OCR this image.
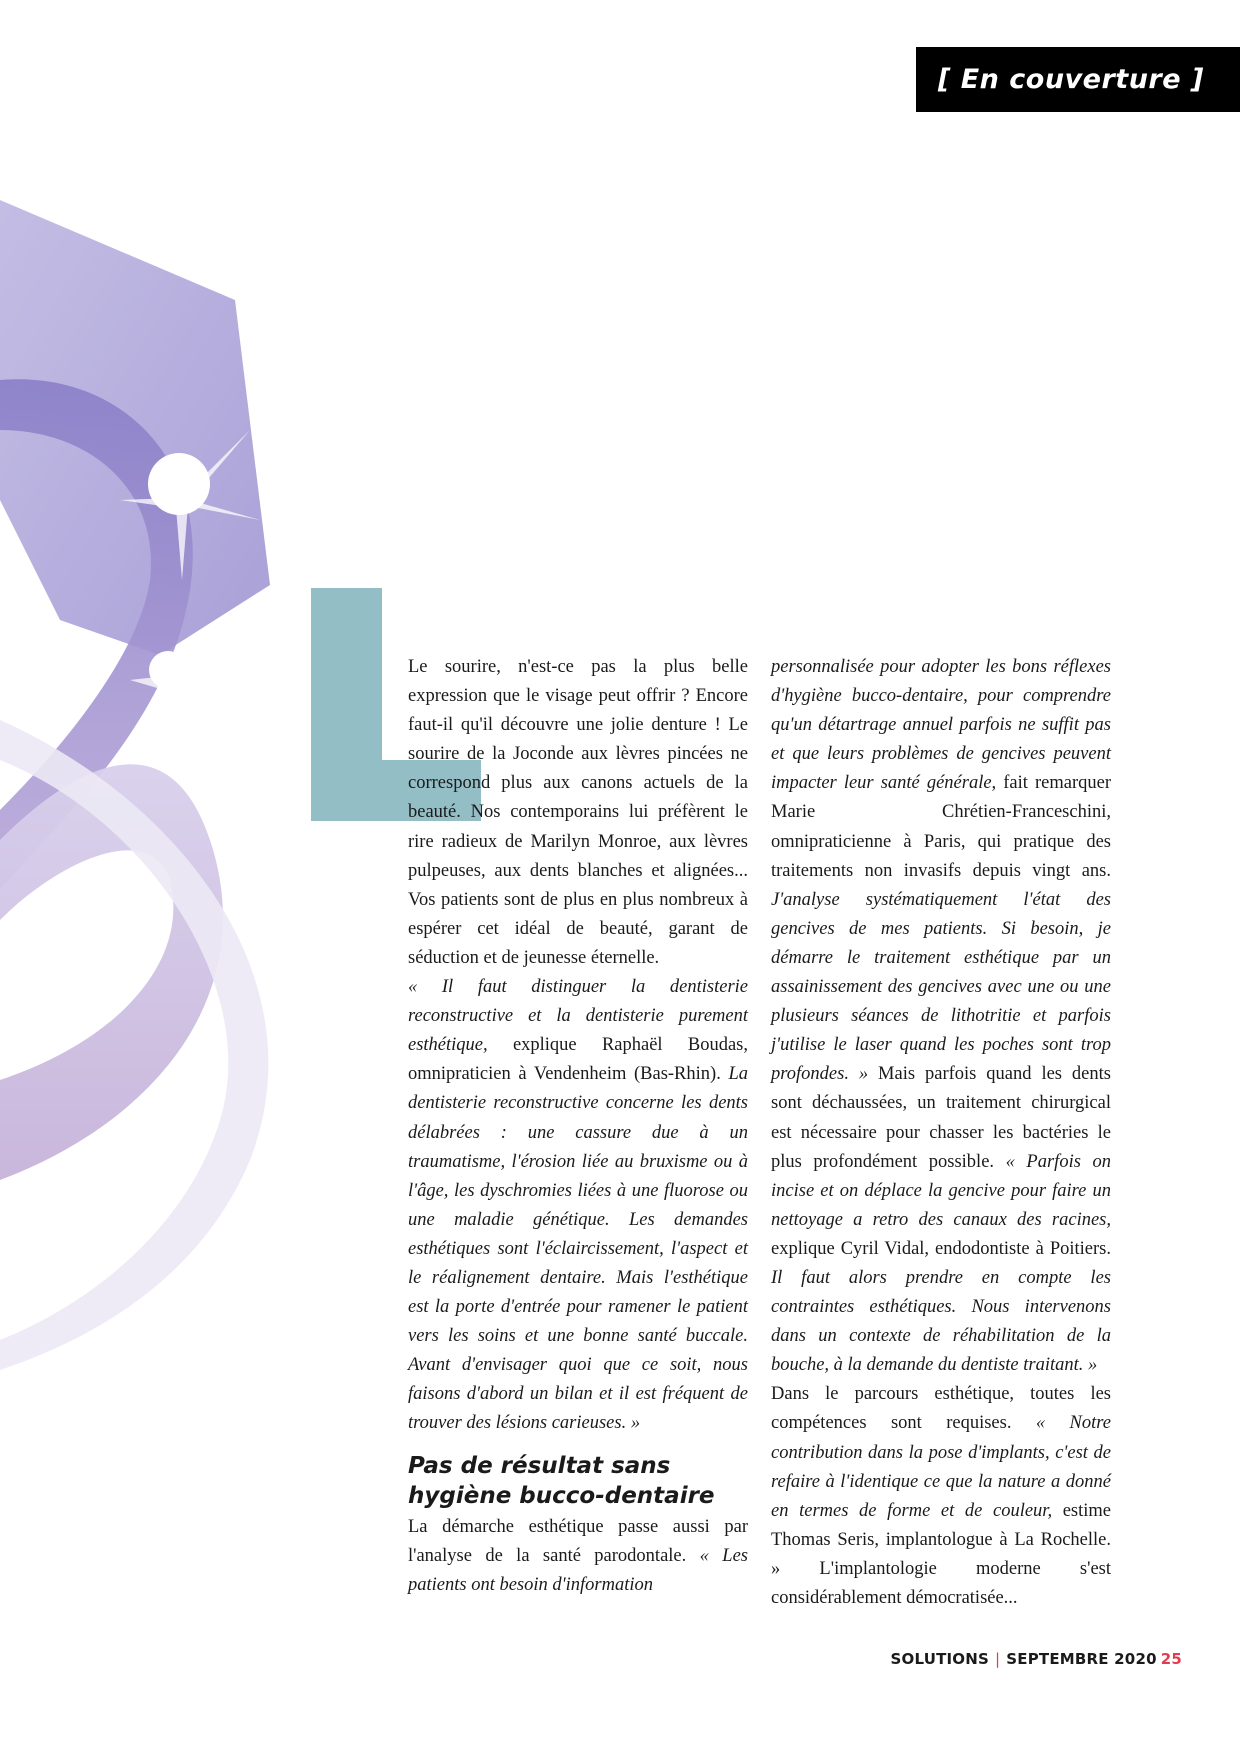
[ En couverture ]

Le sourire, n'est-ce pas la plus belle expression que le visage peut offrir ? Encore faut-il qu'il découvre une jolie denture ! Le sourire de la Joconde aux lèvres pincées ne correspond plus aux canons actuels de la beauté. Nos contemporains lui préfèrent le rire radieux de Marilyn Monroe, aux lèvres pulpeuses, aux dents blanches et alignées... Vos patients sont de plus en plus nombreux à espérer cet idéal de beauté, garant de séduction et de jeunesse éternelle.

« Il faut distinguer la dentisterie reconstructive et la dentisterie purement esthétique, explique Raphaël Boudas, omnipraticien à Vendenheim (Bas-Rhin). La dentisterie reconstructive concerne les dents délabrées : une cassure due à un traumatisme, l'érosion liée au bruxisme ou à l'âge, les dyschromies liées à une fluorose ou une maladie génétique. Les demandes esthétiques sont l'éclaircissement, l'aspect et le réalignement dentaire. Mais l'esthétique est la porte d'entrée pour ramener le patient vers les soins et une bonne santé buccale. Avant d'envisager quoi que ce soit, nous faisons d'abord un bilan et il est fréquent de trouver des lésions carieuses. »

Pas de résultat sans hygiène bucco-dentaire

La démarche esthétique passe aussi par l'analyse de la santé parodontale. « Les patients ont besoin d'information

personnalisée pour adopter les bons réflexes d'hygiène bucco-dentaire, pour comprendre qu'un détartrage annuel parfois ne suffit pas et que leurs problèmes de gencives peuvent impacter leur santé générale, fait remarquer Marie Chrétien-Franceschini, omnipraticienne à Paris, qui pratique des traitements non invasifs depuis vingt ans. J'analyse systématiquement l'état des gencives de mes patients. Si besoin, je démarre le traitement esthétique par un assainissement des gencives avec une ou une plusieurs séances de lithotritie et parfois j'utilise le laser quand les poches sont trop profondes. » Mais parfois quand les dents sont déchaussées, un traitement chirurgical est nécessaire pour chasser les bactéries le plus profondément possible. « Parfois on incise et on déplace la gencive pour faire un nettoyage a retro des canaux des racines, explique Cyril Vidal, endodontiste à Poitiers. Il faut alors prendre en compte les contraintes esthétiques. Nous intervenons dans un contexte de réhabilitation de la bouche, à la demande du dentiste traitant. »

Dans le parcours esthétique, toutes les compétences sont requises. « Notre contribution dans la pose d'implants, c'est de refaire à l'identique ce que la nature a donné en termes de forme et de couleur, estime Thomas Seris, implantologue à La Rochelle. » L'implantologie moderne s'est considérablement démocratisée...

SOLUTIONS | SEPTEMBRE 2020 25
